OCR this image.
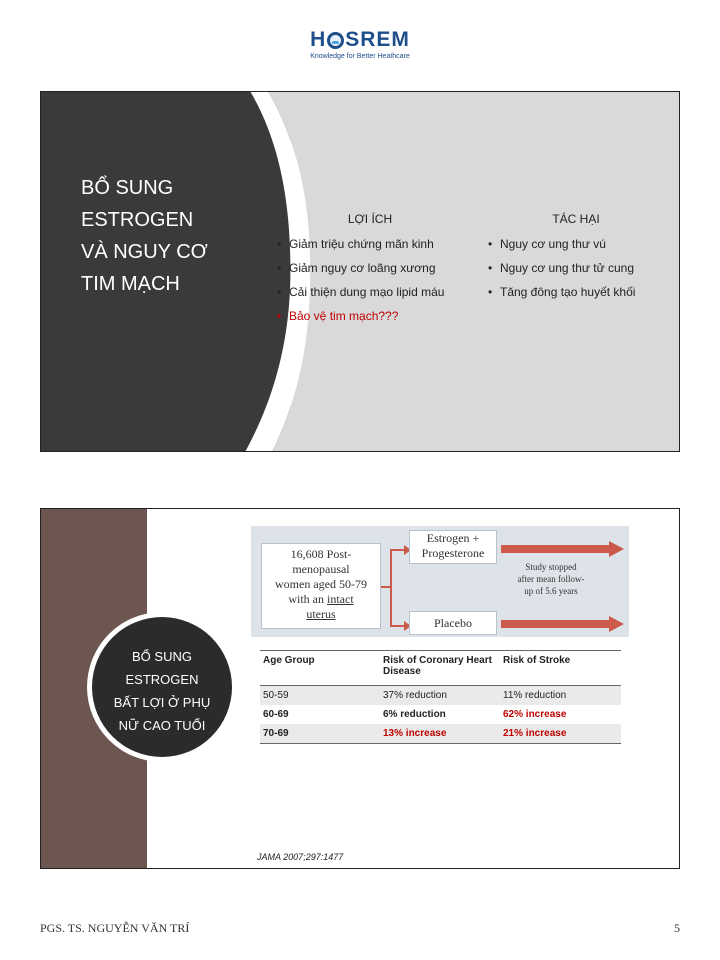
H SREM
Knowledge for Better Heathcare
BỔ SUNG
ESTROGEN
VÀ NGUY CƠ
TIM MẠCH
LỢI ÍCH
• Giảm triệu chứng mãn kinh
• Giảm nguy cơ loãng xương
• Cải thiện dung mạo lipid máu
• Bảo vệ tim mạch???
TÁC HẠI
• Nguy cơ ung thư vú
• Nguy cơ ung thư tử cung
• Tăng đông tạo huyết khối
BỔ SUNG
ESTROGEN
BẤT LỢI Ở PHỤ
NỮ CAO TUỔI
16,608 Post-
menopausal
women aged 50-79
with an intact
uterus
Estrogen +
Progesterone
Placebo
Study stopped
after mean follow-
up of 5.6 years
Age Group	Risk of Coronary Heart Disease	Risk of Stroke
50-59	37% reduction	11% reduction
60-69	6% reduction	62% increase
70-69	13% increase	21% increase
JAMA 2007;297:1477
PGS. TS. NGUYỄN VĂN TRÍ	5
